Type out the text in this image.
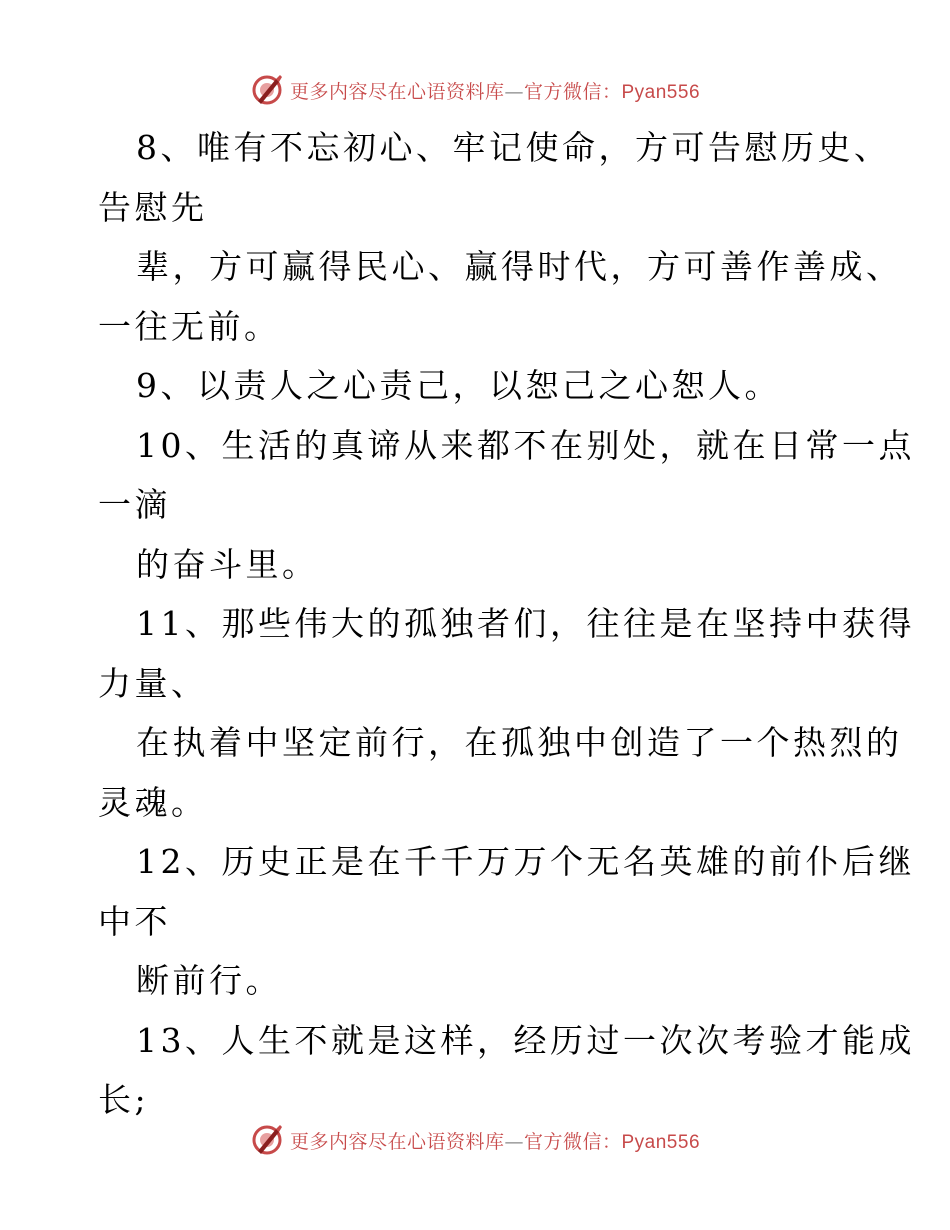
更多内容尽在心语资料库—官方微信：Pyan556
8、唯有不忘初心、牢记使命，方可告慰历史、
告慰先
辈，方可赢得民心、赢得时代，方可善作善成、
一往无前。
9、以责人之心责己，以恕己之心恕人。
10、生活的真谛从来都不在别处，就在日常一点
一滴
的奋斗里。
11、那些伟大的孤独者们，往往是在坚持中获得
力量、
在执着中坚定前行，在孤独中创造了一个热烈的
灵魂。
12、历史正是在千千万万个无名英雄的前仆后继
中不
断前行。
13、人生不就是这样，经历过一次次考验才能成
长;
更多内容尽在心语资料库—官方微信：Pyan556
